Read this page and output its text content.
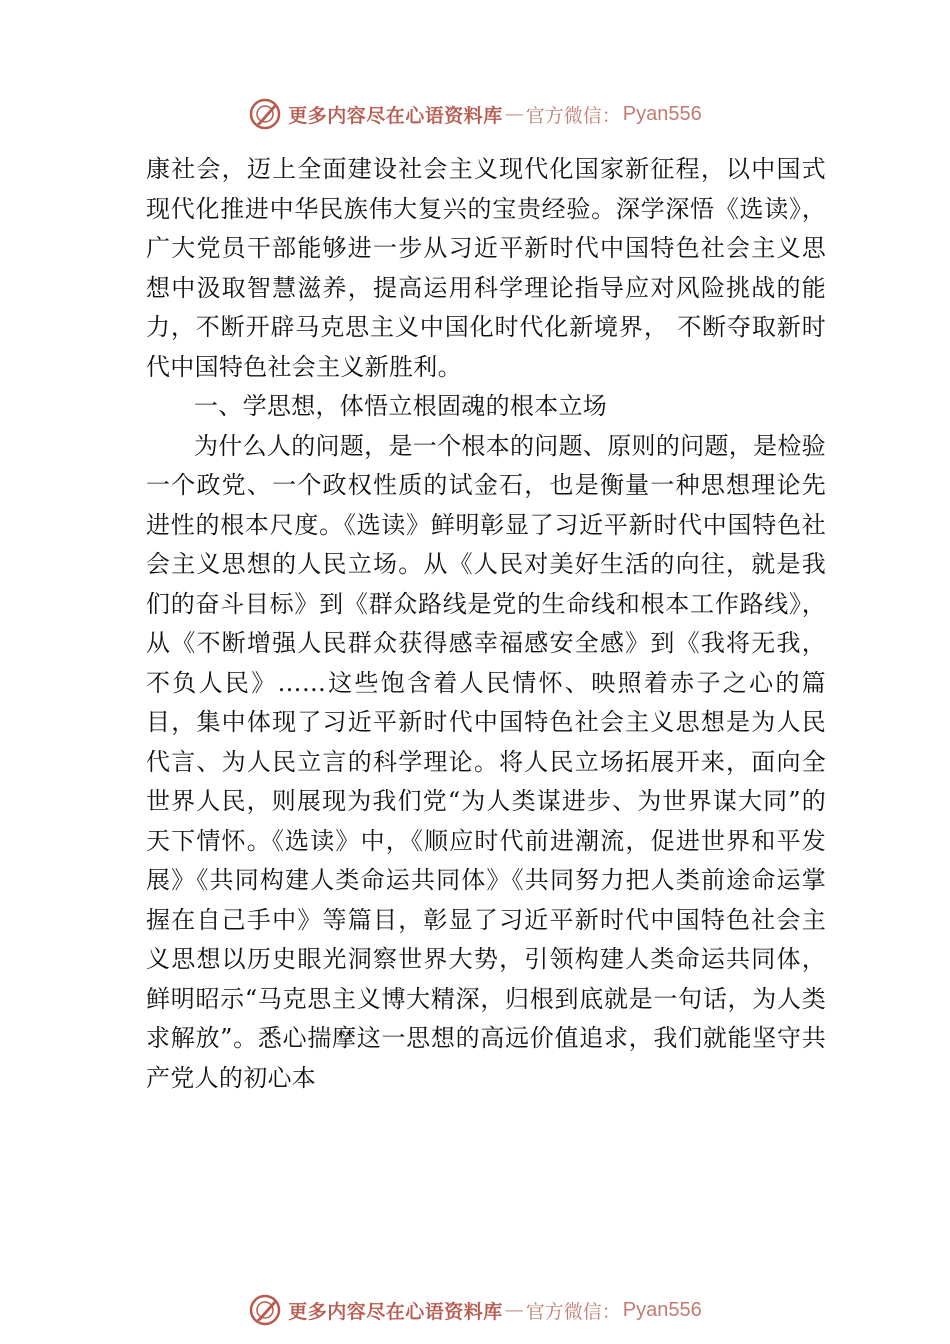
更多内容尽在心语资料库 — 官方微信： Pyan556

康社会，迈上全面建设社会主义现代化国家新征程，以中国式现代化推进中华民族伟大复兴的宝贵经验。深学深悟《选读》，广大党员干部能够进一步从习近平新时代中国特色社会主义思想中汲取智慧滋养，提高运用科学理论指导应对风险挑战的能力，不断开辟马克思主义中国化时代化新境界， 不断夺取新时代中国特色社会主义新胜利。

一、学思想，体悟立根固魂的根本立场

为什么人的问题，是一个根本的问题、原则的问题，是检验一个政党、一个政权性质的试金石，也是衡量一种思想理论先进性的根本尺度。《选读》鲜明彰显了习近平新时代中国特色社会主义思想的人民立场。从《人民对美好生活的向往，就是我们的奋斗目标》到《群众路线是党的生命线和根本工作路线》，从《不断增强人民群众获得感幸福感安全感》到《我将无我，不负人民》……这些饱含着人民情怀、映照着赤子之心的篇目，集中体现了习近平新时代中国特色社会主义思想是为人民代言、为人民立言的科学理论。将人民立场拓展开来，面向全世界人民，则展现为我们党“为人类谋进步、为世界谋大同”的天下情怀。《选读》中，《顺应时代前进潮流，促进世界和平发展》《共同构建人类命运共同体》《共同努力把人类前途命运掌握在自己手中》等篇目，彰显了习近平新时代中国特色社会主义思想以历史眼光洞察世界大势，引领构建人类命运共同体，鲜明昭示“马克思主义博大精深，归根到底就是一句话，为人类求解放”。悉心揣摩这一思想的高远价值追求，我们就能坚守共产党人的初心本

更多内容尽在心语资料库 — 官方微信： Pyan556
